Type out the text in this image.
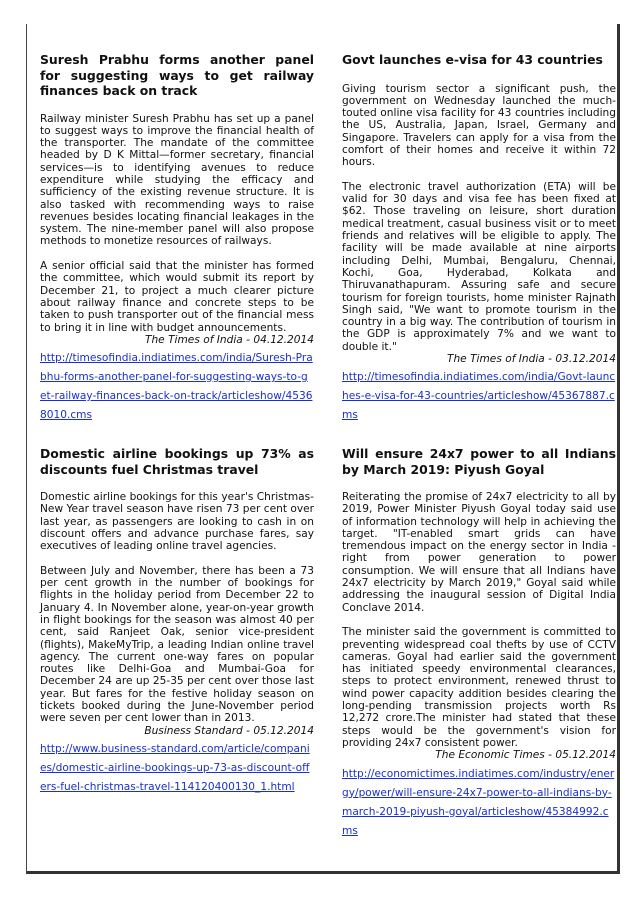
Suresh Prabhu forms another panel for suggesting ways to get railway finances back on track

Railway minister Suresh Prabhu has set up a panel to suggest ways to improve the financial health of the transporter. The mandate of the committee headed by D K Mittal—former secretary, financial services—is to identifying avenues to reduce expenditure while studying the efficacy and sufficiency of the existing revenue structure. It is also tasked with recommending ways to raise revenues besides locating financial leakages in the system. The nine-member panel will also propose methods to monetize resources of railways.

A senior official said that the minister has formed the committee, which would submit its report by December 21, to project a much clearer picture about railway finance and concrete steps to be taken to push transporter out of the financial mess to bring it in line with budget announcements.

The Times of India - 04.12.2014

http://timesofindia.indiatimes.com/india/Suresh-Prabhu-forms-another-panel-for-suggesting-ways-to-get-railway-finances-back-on-track/articleshow/45368010.cms
Govt launches e-visa for 43 countries

Giving tourism sector a significant push, the government on Wednesday launched the much-touted online visa facility for 43 countries including the US, Australia, Japan, Israel, Germany and Singapore. Travelers can apply for a visa from the comfort of their homes and receive it within 72 hours.

The electronic travel authorization (ETA) will be valid for 30 days and visa fee has been fixed at $62. Those traveling on leisure, short duration medical treatment, casual business visit or to meet friends and relatives will be eligible to apply. The facility will be made available at nine airports including Delhi, Mumbai, Bengaluru, Chennai, Kochi, Goa, Hyderabad, Kolkata and Thiruvanathapuram. Assuring safe and secure tourism for foreign tourists, home minister Rajnath Singh said, "We want to promote tourism in the country in a big way. The contribution of tourism in the GDP is approximately 7% and we want to double it."

The Times of India - 03.12.2014

http://timesofindia.indiatimes.com/india/Govt-launches-e-visa-for-43-countries/articleshow/45367887.cms
Domestic airline bookings up 73% as discounts fuel Christmas travel

Domestic airline bookings for this year's Christmas-New Year travel season have risen 73 per cent over last year, as passengers are looking to cash in on discount offers and advance purchase fares, say executives of leading online travel agencies.

Between July and November, there has been a 73 per cent growth in the number of bookings for flights in the holiday period from December 22 to January 4. In November alone, year-on-year growth in flight bookings for the season was almost 40 per cent, said Ranjeet Oak, senior vice-president (flights), MakeMyTrip, a leading Indian online travel agency. The current one-way fares on popular routes like Delhi-Goa and Mumbai-Goa for December 24 are up 25-35 per cent over those last year. But fares for the festive holiday season on tickets booked during the June-November period were seven per cent lower than in 2013.

Business Standard - 05.12.2014

http://www.business-standard.com/article/companies/domestic-airline-bookings-up-73-as-discount-offers-fuel-christmas-travel-114120400130_1.html
Will ensure 24x7 power to all Indians by March 2019: Piyush Goyal

Reiterating the promise of 24x7 electricity to all by 2019, Power Minister Piyush Goyal today said use of information technology will help in achieving the target. "IT-enabled smart grids can have tremendous impact on the energy sector in India - right from power generation to power consumption. We will ensure that all Indians have 24x7 electricity by March 2019," Goyal said while addressing the inaugural session of Digital India Conclave 2014.

The minister said the government is committed to preventing widespread coal thefts by use of CCTV cameras. Goyal had earlier said the government has initiated speedy environmental clearances, steps to protect environment, renewed thrust to wind power capacity addition besides clearing the long-pending transmission projects worth Rs 12,272 crore.The minister had stated that these steps would be the government's vision for providing 24x7 consistent power.

The Economic Times - 05.12.2014

http://economictimes.indiatimes.com/industry/energy/power/will-ensure-24x7-power-to-all-indians-by-march-2019-piyush-goyal/articleshow/45384992.cms
